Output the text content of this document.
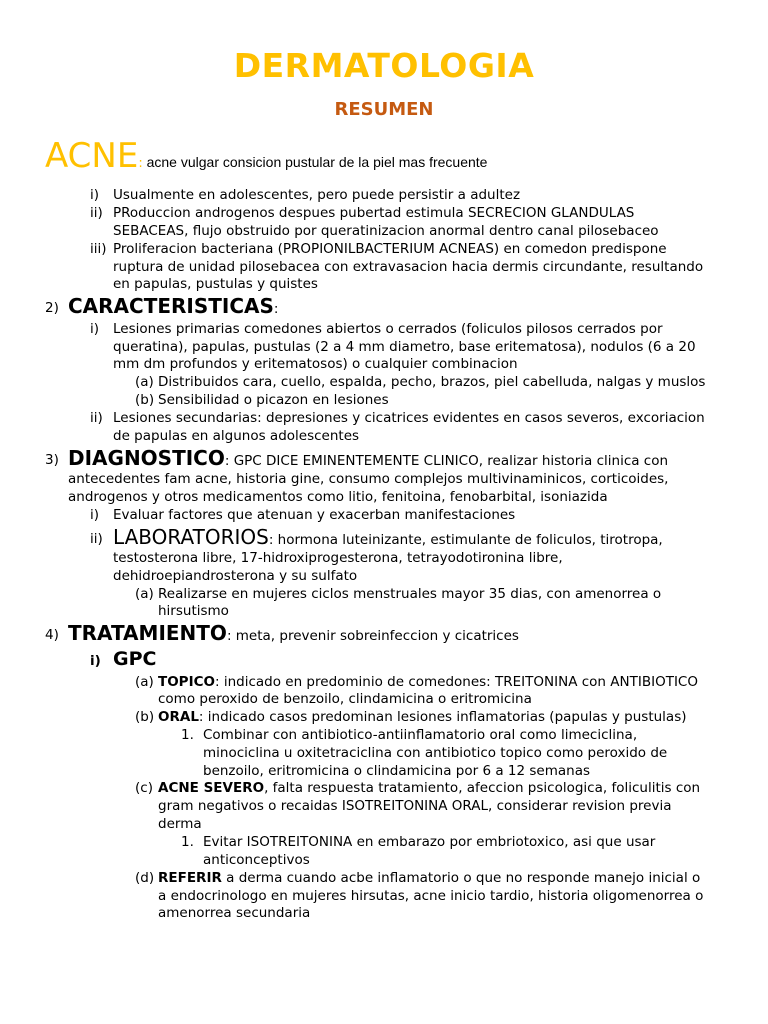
DERMATOLOGIA
RESUMEN
ACNE: acne vulgar consicion pustular de la piel mas frecuente
i) Usualmente en adolescentes, pero puede persistir a adultez
ii) PRoduccion androgenos despues pubertad estimula SECRECION GLANDULAS
SEBACEAS, flujo obstruido por queratinizacion anormal dentro canal pilosebaceo
iii) Proliferacion bacteriana (PROPIONILBACTERIUM ACNEAS) en comedon predispone
ruptura de unidad pilosebacea con extravasacion hacia dermis circundante, resultando
en papulas, pustulas y quistes
2) CARACTERISTICAS:
i) Lesiones primarias comedones abiertos o cerrados (foliculos pilosos cerrados por
queratina), papulas, pustulas (2 a 4 mm diametro, base eritematosa), nodulos (6 a 20
mm dm profundos y eritematosos) o cualquier combinacion
(a) Distribuidos cara, cuello, espalda, pecho, brazos, piel cabelluda, nalgas y muslos
(b) Sensibilidad o picazon en lesiones
ii) Lesiones secundarias: depresiones y cicatrices evidentes en casos severos, excoriacion
de papulas en algunos adolescentes
3) DIAGNOSTICO: GPC DICE EMINENTEMENTE CLINICO, realizar historia clinica con
antecedentes fam acne, historia gine, consumo complejos multivinaminicos, corticoides,
androgenos y otros medicamentos como litio, fenitoina, fenobarbital, isoniazida
i) Evaluar factores que atenuan y exacerban manifestaciones
ii) LABORATORIOS: hormona luteinizante, estimulante de foliculos, tirotropa,
testosterona libre, 17-hidroxiprogesterona, tetrayodotironina libre,
dehidroepiandrosterona y su sulfato
(a) Realizarse en mujeres ciclos menstruales mayor 35 dias, con amenorrea o
hirsutismo
4) TRATAMIENTO: meta, prevenir sobreinfeccion y cicatrices
i) GPC
(a) TOPICO: indicado en predominio de comedones: TREITONINA con ANTIBIOTICO
como peroxido de benzoilo, clindamicina o eritromicina
(b) ORAL: indicado casos predominan lesiones inflamatorias (papulas y pustulas)
1. Combinar con antibiotico-antiinflamatorio oral como limeciclina,
minociclina u oxitetraciclina con antibiotico topico como peroxido de
benzoilo, eritromicina o clindamicina por 6 a 12 semanas
(c) ACNE SEVERO, falta respuesta tratamiento, afeccion psicologica, foliculitis con
gram negativos o recaidas ISOTREITONINA ORAL, considerar revision previa
derma
1. Evitar ISOTREITONINA en embarazo por embriotoxico, asi que usar
anticonceptivos
(d) REFERIR a derma cuando acbe inflamatorio o que no responde manejo inicial o
a endocrinologo en mujeres hirsutas, acne inicio tardio, historia oligomenorrea o
amenorrea secundaria
